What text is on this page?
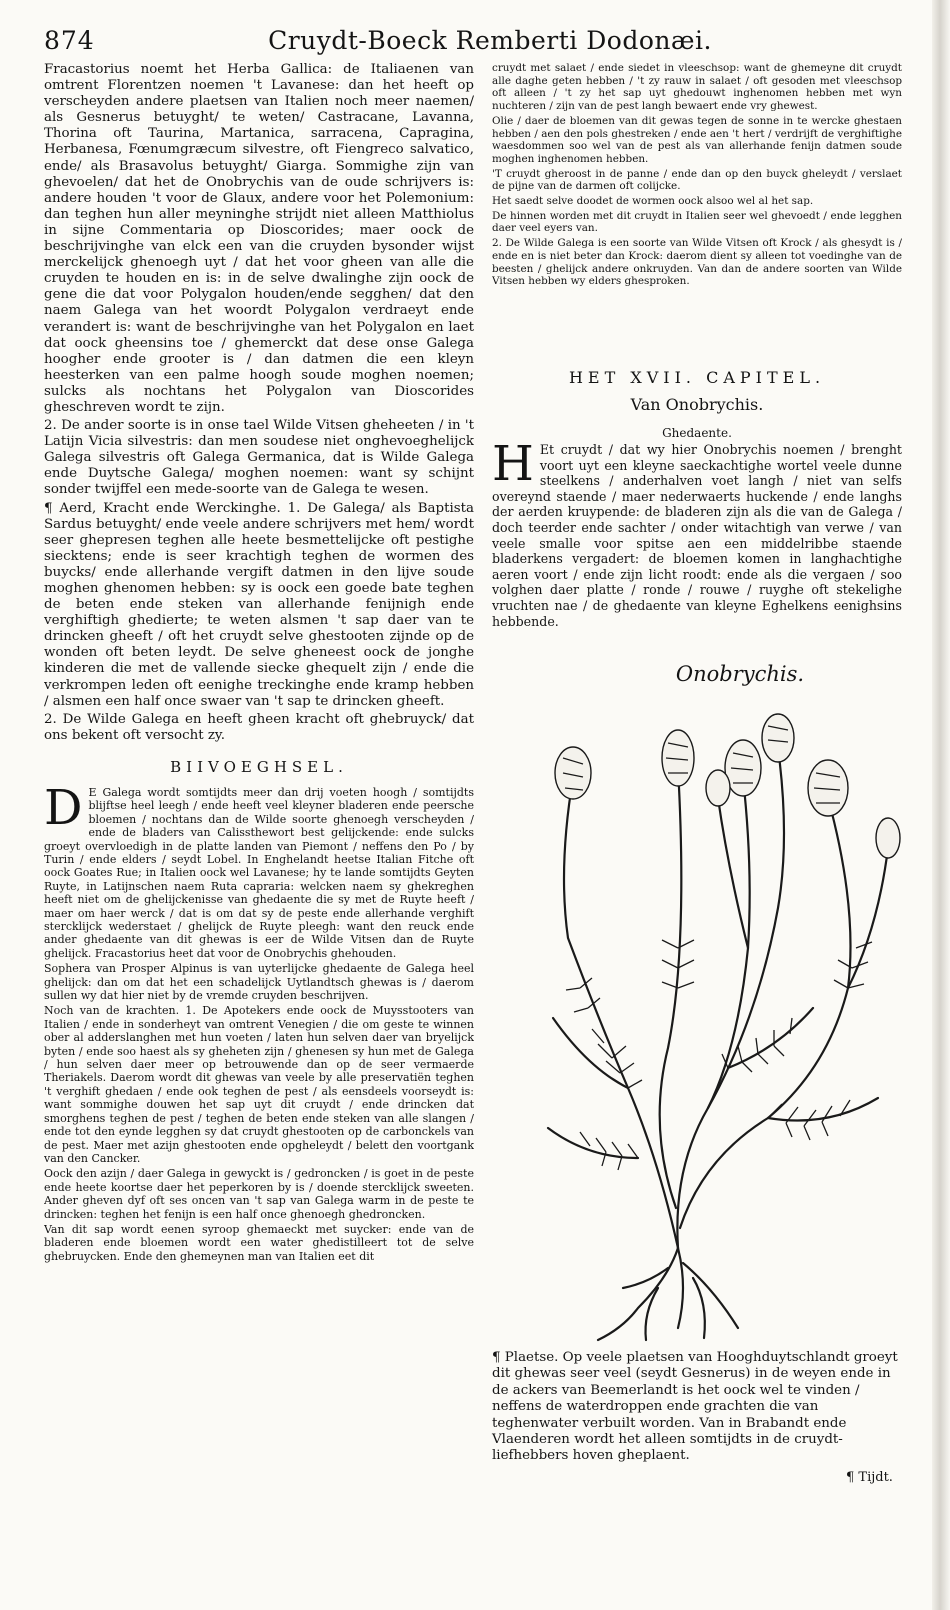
874	Cruydt-Boeck Remberti Dodonæi.

Fracastorius noemt het Herba Gallica: de Italiaenen van omtrent Florentzen noemen 't Lavanese: dan het heeft op verscheyden andere plaetsen van Italien noch meer naemen/ als Gesnerus betuyght/ te weten/ Castracane, Lavanna, Thorina oft Taurina, Martanica, sarracena, Capragina, Herbanesa, Fœnumgræcum silvestre, oft Fiengreco salvatico, ende/ als Brasavolus betuyght/ Giarga. Sommighe zijn van ghevoelen/ dat het de Onobrychis van de oude schrijvers is: andere houden 't voor de Glaux, andere voor het Polemonium: dan teghen hun aller meyninghe strijdt niet alleen Matthiolus in sijne Commentaria op Dioscorides; maer oock de beschrijvinghe van elck een van die cruyden bysonder wijst merckelijck ghenoegh uyt / dat het voor gheen van alle die cruyden te houden en is: in de selve dwalinghe zijn oock de gene die dat voor Polygalon houden/ende segghen/ dat den naem Galega van het woordt Polygalon verdraeyt ende verandert is: want de beschrijvinghe van het Polygalon en laet dat oock gheensins toe / ghemerckt dat dese onse Galega hoogher ende grooter is / dan datmen die een kleyn heesterken van een palme hoogh soude moghen noemen; sulcks als nochtans het Polygalon van Dioscorides gheschreven wordt te zijn.

2. De ander soorte is in onse tael Wilde Vitsen gheheeten / in 't Latijn Vicia silvestris: dan men soudese niet onghevoeghelijck Galega silvestris oft Galega Germanica, dat is Wilde Galega ende Duytsche Galega/ moghen noemen: want sy schijnt sonder twijffel een mede-soorte van de Galega te wesen.

¶ Aerd, Kracht ende Werckinghe. 1. De Galega/ als Baptista Sardus betuyght/ ende veele andere schrijvers met hem/ wordt seer ghepresen teghen alle heete besmettelijcke oft pestighe siecktens; ende is seer krachtigh teghen de wormen des buycks/ ende allerhande vergift datmen in den lijve soude moghen ghenomen hebben: sy is oock een goede bate teghen de beten ende steken van allerhande fenijnigh ende verghiftigh ghedierte; te weten alsmen 't sap daer van te drincken gheeft / oft het cruydt selve ghestooten zijnde op de wonden oft beten leydt. De selve gheneest oock de jonghe kinderen die met de vallende siecke ghequelt zijn / ende die verkrompen leden oft eenighe treckinghe ende kramp hebben / alsmen een half once swaer van 't sap te drincken gheeft.

2. De Wilde Galega en heeft gheen kracht oft ghebruyck/ dat ons bekent oft versocht zy.

BIIVOEGHSEL.

D E Galega wordt somtijdts meer dan drij voeten hoogh / somtijdts blijftse heel leegh / ende heeft veel kleyner bladeren ende peersche bloemen / nochtans dan de Wilde soorte ghenoegh verscheyden / ende de bladers van Calissthewort best gelijckende: ende sulcks groeyt overvloedigh in de platte landen van Piemont / neffens den Po / by Turin / ende elders / seydt Lobel. In Enghelandt heetse Italian Fitche oft oock Goates Rue; in Italien oock wel Lavanese; hy te lande somtijdts Geyten Ruyte, in Latijnschen naem Ruta capraria: welcken naem sy ghekreghen heeft niet om de ghelijckenisse van ghedaente die sy met de Ruyte heeft / maer om haer werck / dat is om dat sy de peste ende allerhande verghift stercklijck wederstaet / ghelijck de Ruyte pleegh: want den reuck ende ander ghedaente van dit ghewas is eer de Wilde Vitsen dan de Ruyte ghelijck. Fracastorius heet dat voor de Onobrychis ghehouden.

Sophera van Prosper Alpinus is van uyterlijcke ghedaente de Galega heel ghelijck: dan om dat het een schadelijck Uytlandtsch ghewas is / daerom sullen wy dat hier niet by de vremde cruyden beschrijven.

Noch van de krachten. 1. De Apotekers ende oock de Muysstooters van Italien / ende in sonderheyt van omtrent Venegien / die om geste te winnen ober al adderslanghen met hun voeten / laten hun selven daer van bryelijck byten / ende soo haest als sy gheheten zijn / ghenesen sy hun met de Galega / hun selven daer meer op betrouwende dan op de seer vermaerde Theriakels. Daerom wordt dit ghewas van veele by alle preservatiën teghen 't verghift ghedaen / ende ook teghen de pest / als eensdeels voorseydt is: want sommighe douwen het sap uyt dit cruydt / ende drincken dat smorghens teghen de pest / teghen de beten ende steken van alle slangen / ende tot den eynde legghen sy dat cruydt ghestooten op de carbonckels van de pest. Maer met azijn ghestooten ende opgheleydt / belett den voortgank van den Cancker.

Oock den azijn / daer Galega in gewyckt is / gedroncken / is goet in de peste ende heete koortse daer het peperkoren by is / doende stercklijck sweeten. Ander gheven dyf oft ses oncen van 't sap van Galega warm in de peste te drincken: teghen het fenijn is een half once ghenoegh ghedroncken.

Van dit sap wordt eenen syroop ghemaeckt met suycker: ende van de bladeren ende bloemen wordt een water ghedistilleert tot de selve ghebruycken. Ende den ghemeynen man van Italien eet dit

cruydt met salaet / ende siedet in vleeschsop: want de ghemeyne dit cruydt alle daghe geten hebben / 't zy rauw in salaet / oft gesoden met vleeschsop oft alleen / 't zy het sap uyt ghedouwt inghenomen hebben met wyn nuchteren / zijn van de pest langh bewaert ende vry ghewest.

Olie / daer de bloemen van dit gewas tegen de sonne in te wercke ghestaen hebben / aen den pols ghestreken / ende aen 't hert / verdrijft de verghiftighe waesdommen soo wel van de pest als van allerhande fenijn datmen soude moghen inghenomen hebben.

'T cruydt gheroost in de panne / ende dan op den buyck gheleydt / verslaet de pijne van de darmen oft colijcke.

Het saedt selve doodet de wormen oock alsoo wel al het sap.

De hinnen worden met dit cruydt in Italien seer wel ghevoedt / ende legghen daer veel eyers van.

2. De Wilde Galega is een soorte van Wilde Vitsen oft Krock / als ghesydt is / ende en is niet beter dan Krock: daerom dient sy alleen tot voedinghe van de beesten / ghelijck andere onkruyden. Van dan de andere soorten van Wilde Vitsen hebben wy elders ghesproken.

HET XVII. CAPITEL.
Van Onobrychis.
Ghedaente.

H Et cruydt / dat wy hier Onobrychis noemen / brenght voort uyt een kleyne saeckachtighe wortel veele dunne steelkens / anderhalven voet langh / niet van selfs overeynd staende / maer nederwaerts huckende / ende langhs der aerden kruypende: de bladeren zijn als die van de Galega / doch teerder ende sachter / onder witachtigh van verwe / van veele smalle voor spitse aen een middelribbe staende bladerkens vergadert: de bloemen komen in langhachtighe aeren voort / ende zijn licht roodt: ende als die vergaen / soo volghen daer platte / ronde / rouwe / ruyghe oft stekelighe vruchten nae / de ghedaente van kleyne Eghelkens eenighsins hebbende.

Onobrychis.
¶ Plaetse. Op veele plaetsen van Hooghduytschlandt groeyt dit ghewas seer veel (seydt Gesnerus) in de weyen ende in de ackers van Beemerlandt is het oock wel te vinden / neffens de waterdroppen ende grachten die van teghenwater verbuilt worden. Van in Brabandt ende Vlaenderen wordt het alleen somtijdts in de cruydt-liefhebbers hoven gheplaent.
¶ Tijdt.
